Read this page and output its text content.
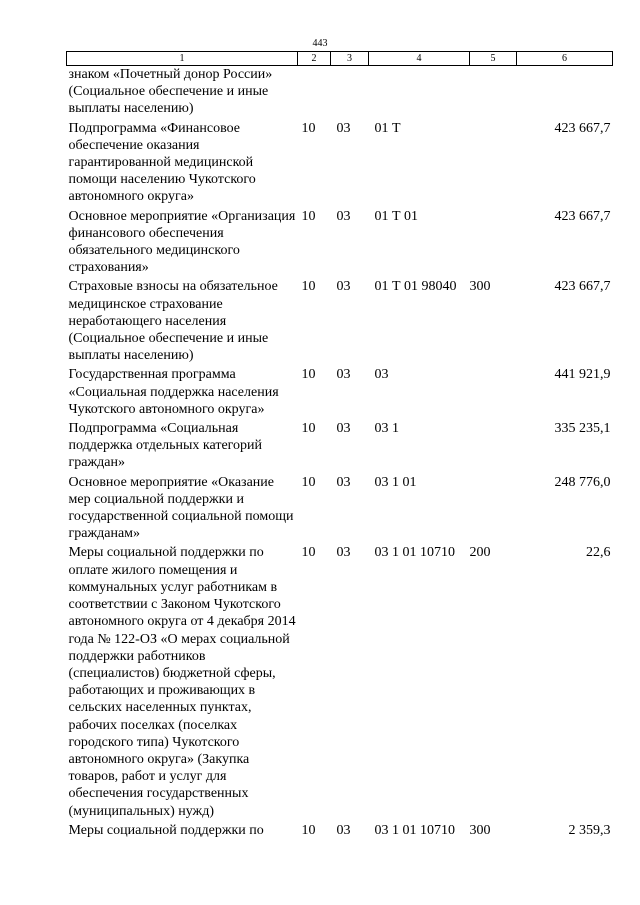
443
1	2	3	4	5	6
знаком «Почетный донор России» (Социальное обеспечение и иные выплаты населению)					
Подпрограмма «Финансовое обеспечение оказания гарантированной медицинской помощи населению Чукотского автономного округа»	10	03	01 Т		423 667,7
Основное мероприятие «Организация финансового обеспечения обязательного медицинского страхования»	10	03	01 Т 01		423 667,7
Страховые взносы на обязательное медицинское страхование неработающего населения (Социальное обеспечение и иные выплаты населению)	10	03	01 Т 01 98040	300	423 667,7
Государственная программа «Социальная поддержка населения Чукотского автономного округа»	10	03	03		441 921,9
Подпрограмма «Социальная поддержка отдельных категорий граждан»	10	03	03 1		335 235,1
Основное мероприятие «Оказание мер социальной поддержки и государственной социальной помощи гражданам»	10	03	03 1 01		248 776,0
Меры социальной поддержки по оплате жилого помещения и коммунальных услуг работникам в соответствии с Законом Чукотского автономного округа от 4 декабря 2014 года № 122-ОЗ «О мерах социальной поддержки работников (специалистов) бюджетной сферы, работающих и проживающих в сельских населенных пунктах, рабочих поселках (поселках городского типа) Чукотского автономного округа» (Закупка товаров, работ и услуг для обеспечения государственных (муниципальных) нужд)	10	03	03 1 01 10710	200	22,6
Меры социальной поддержки по	10	03	03 1 01 10710	300	2 359,3
